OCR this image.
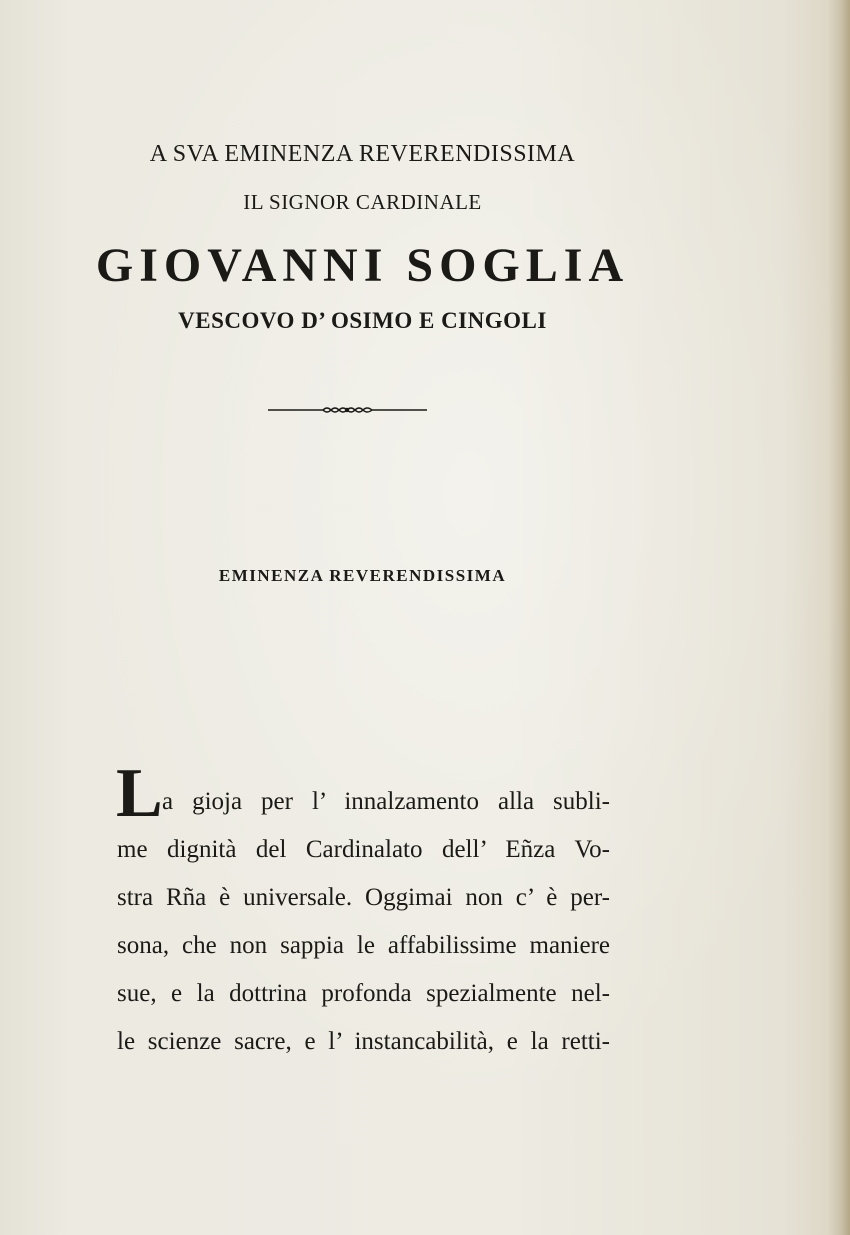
A SVA EMINENZA REVERENDISSIMA
IL SIGNOR CARDINALE
GIOVANNI SOGLIA
VESCOVO D’ OSIMO E CINGOLI
EMINENZA REVERENDISSIMA

L a gioja per l’ innalzamento alla subli-

me dignità del Cardinalato dell’ Eñza Vo-

stra Rña è universale. Oggimai non c’ è per-

sona, che non sappia le affabilissime maniere

sue, e la dottrina profonda spezialmente nel-

le scienze sacre, e l’ instancabilità, e la retti-
